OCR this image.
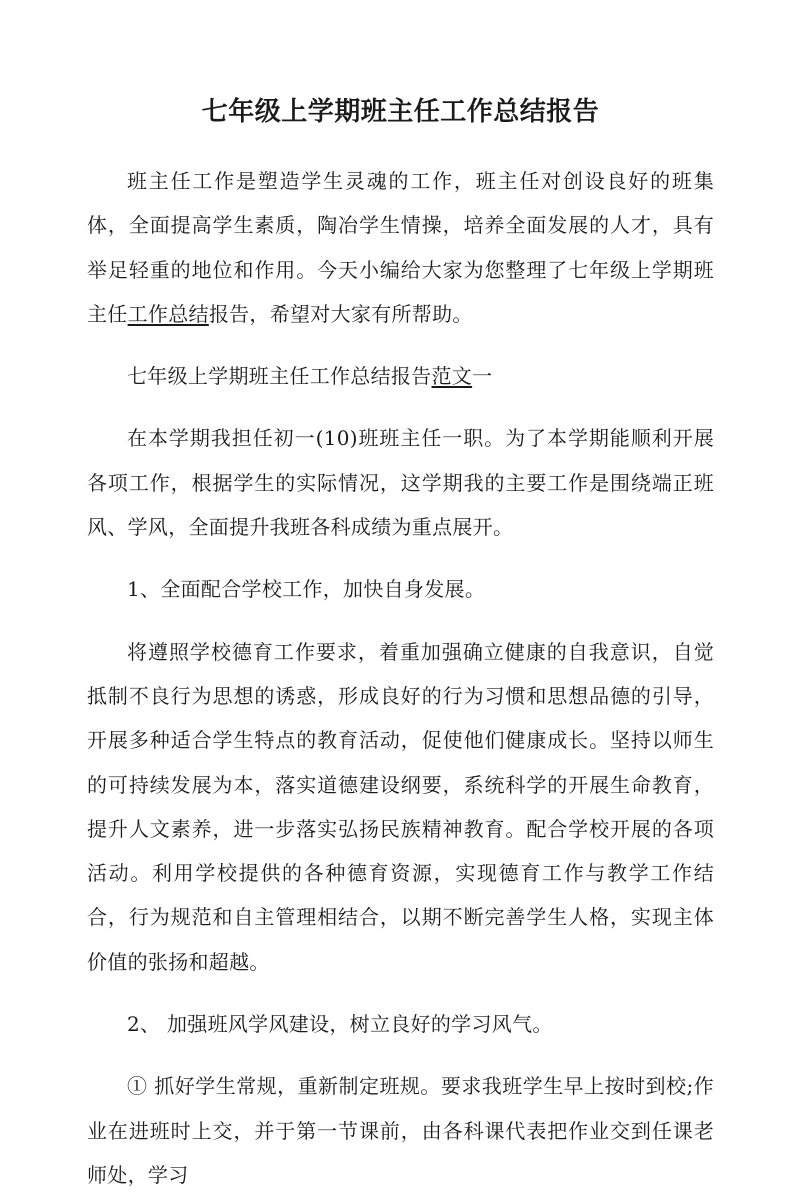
七年级上学期班主任工作总结报告

班主任工作是塑造学生灵魂的工作，班主任对创设良好的班集体，全面提高学生素质，陶冶学生情操，培养全面发展的人才，具有举足轻重的地位和作用。今天小编给大家为您整理了七年级上学期班主任工作总结报告，希望对大家有所帮助。

七年级上学期班主任工作总结报告范文一

在本学期我担任初一(10)班班主任一职。为了本学期能顺利开展各项工作，根据学生的实际情况，这学期我的主要工作是围绕端正班风、学风，全面提升我班各科成绩为重点展开。

1、全面配合学校工作，加快自身发展。

将遵照学校德育工作要求，着重加强确立健康的自我意识，自觉抵制不良行为思想的诱惑，形成良好的行为习惯和思想品德的引导，开展多种适合学生特点的教育活动，促使他们健康成长。坚持以师生的可持续发展为本，落实道德建设纲要，系统科学的开展生命教育，提升人文素养，进一步落实弘扬民族精神教育。配合学校开展的各项活动。利用学校提供的各种德育资源，实现德育工作与教学工作结合，行为规范和自主管理相结合，以期不断完善学生人格，实现主体价值的张扬和超越。

2、 加强班风学风建设，树立良好的学习风气。

① 抓好学生常规，重新制定班规。要求我班学生早上按时到校;作业在进班时上交，并于第一节课前，由各科课代表把作业交到任课老师处，学习
